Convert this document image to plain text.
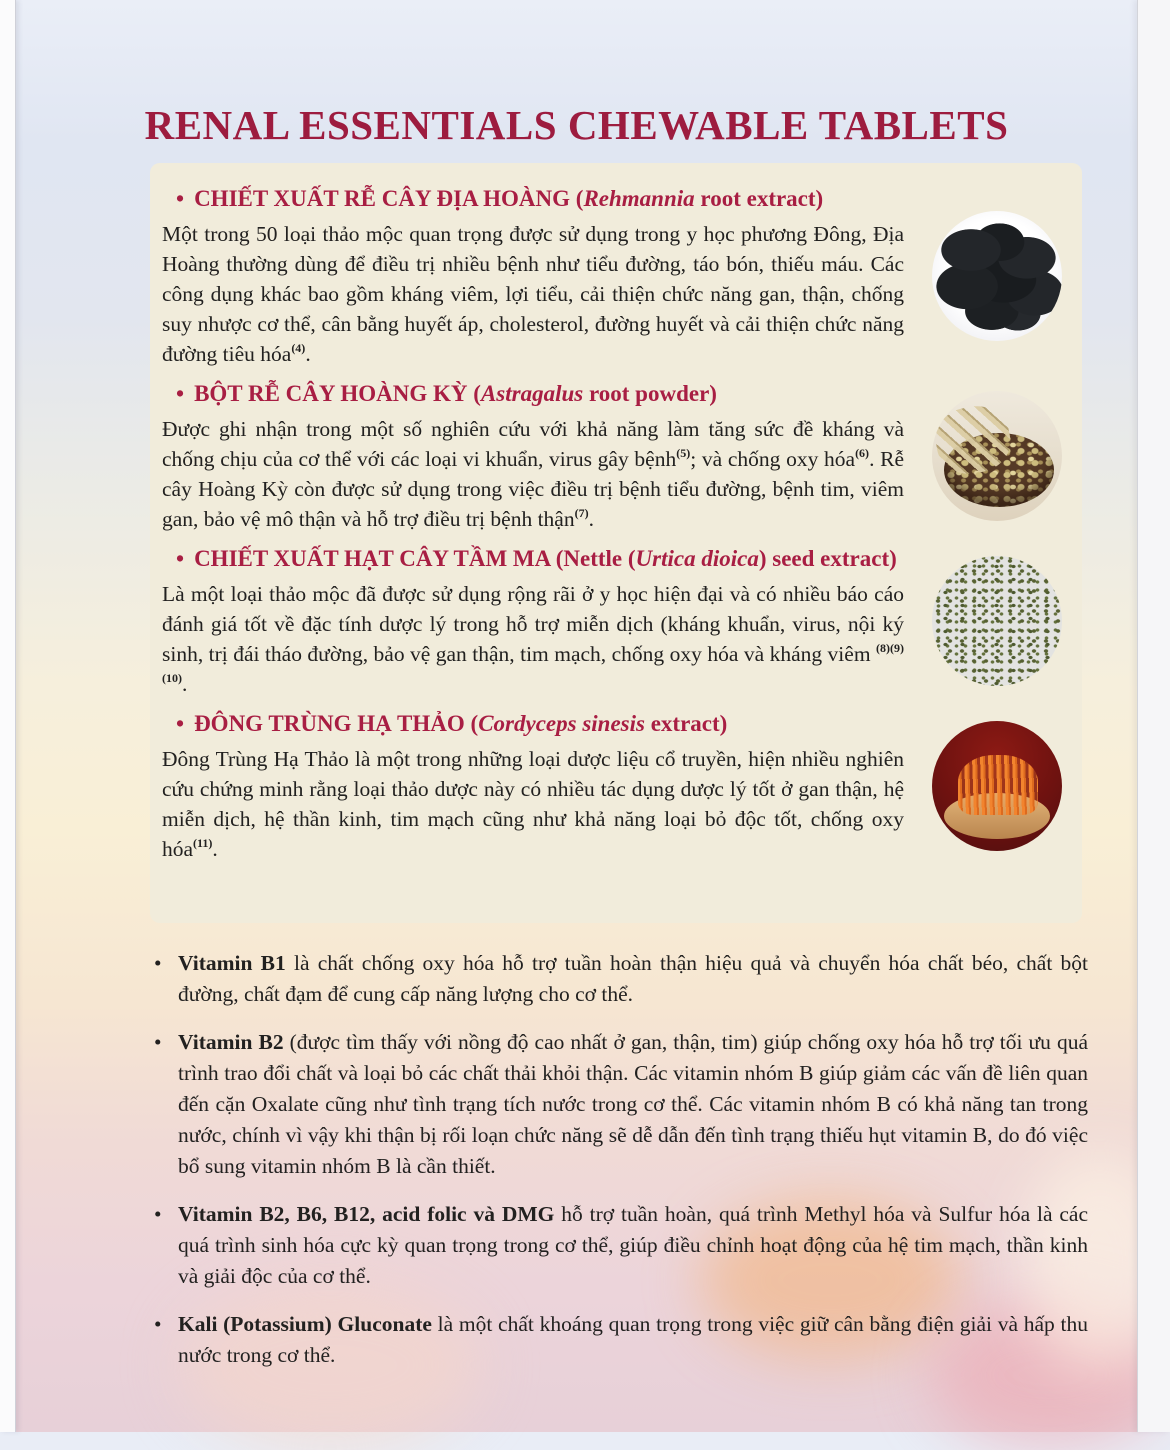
RENAL ESSENTIALS CHEWABLE TABLETS
• CHIẾT XUẤT RỄ CÂY ĐỊA HOÀNG (Rehmannia root extract)

Một trong 50 loại thảo mộc quan trọng được sử dụng trong y học phương Đông, Địa Hoàng thường dùng để điều trị nhiều bệnh như tiểu đường, táo bón, thiếu máu. Các công dụng khác bao gồm kháng viêm, lợi tiểu, cải thiện chức năng gan, thận, chống suy nhược cơ thể, cân bằng huyết áp, cholesterol, đường huyết và cải thiện chức năng đường tiêu hóa$^{(4)}$.

• BỘT RỄ CÂY HOÀNG KỲ (Astragalus root powder)

Được ghi nhận trong một số nghiên cứu với khả năng làm tăng sức đề kháng và chống chịu của cơ thể với các loại vi khuẩn, virus gây bệnh$^{(5)}$; và chống oxy hóa$^{(6)}$. Rễ cây Hoàng Kỳ còn được sử dụng trong việc điều trị bệnh tiểu đường, bệnh tim, viêm gan, bảo vệ mô thận và hỗ trợ điều trị bệnh thận$^{(7)}$.

• CHIẾT XUẤT HẠT CÂY TẦM MA (Nettle (Urtica dioica) seed extract)

Là một loại thảo mộc đã được sử dụng rộng rãi ở y học hiện đại và có nhiều báo cáo đánh giá tốt về đặc tính dược lý trong hỗ trợ miễn dịch (kháng khuẩn, virus, nội ký sinh, trị đái tháo đường, bảo vệ gan thận, tim mạch, chống oxy hóa và kháng viêm $^{(8)(9)(10)}$.

• ĐÔNG TRÙNG HẠ THẢO (Cordyceps sinesis extract)

Đông Trùng Hạ Thảo là một trong những loại dược liệu cổ truyền, hiện nhiều nghiên cứu chứng minh rằng loại thảo dược này có nhiều tác dụng dược lý tốt ở gan thận, hệ miễn dịch, hệ thần kinh, tim mạch cũng như khả năng loại bỏ độc tốt, chống oxy hóa$^{(11)}$.

• Vitamin B1 là chất chống oxy hóa hỗ trợ tuần hoàn thận hiệu quả và chuyển hóa chất béo, chất bột đường, chất đạm để cung cấp năng lượng cho cơ thể.
• Vitamin B2 (được tìm thấy với nồng độ cao nhất ở gan, thận, tim) giúp chống oxy hóa hỗ trợ tối ưu quá trình trao đổi chất và loại bỏ các chất thải khỏi thận. Các vitamin nhóm B giúp giảm các vấn đề liên quan đến cặn Oxalate cũng như tình trạng tích nước trong cơ thể. Các vitamin nhóm B có khả năng tan trong nước, chính vì vậy khi thận bị rối loạn chức năng sẽ dễ dẫn đến tình trạng thiếu hụt vitamin B, do đó việc bổ sung vitamin nhóm B là cần thiết.
• Vitamin B2, B6, B12, acid folic và DMG hỗ trợ tuần hoàn, quá trình Methyl hóa và Sulfur hóa là các quá trình sinh hóa cực kỳ quan trọng trong cơ thể, giúp điều chỉnh hoạt động của hệ tim mạch, thần kinh và giải độc của cơ thể.
• Kali (Potassium) Gluconate là một chất khoáng quan trọng trong việc giữ cân bằng điện giải và hấp thu nước trong cơ thể.
